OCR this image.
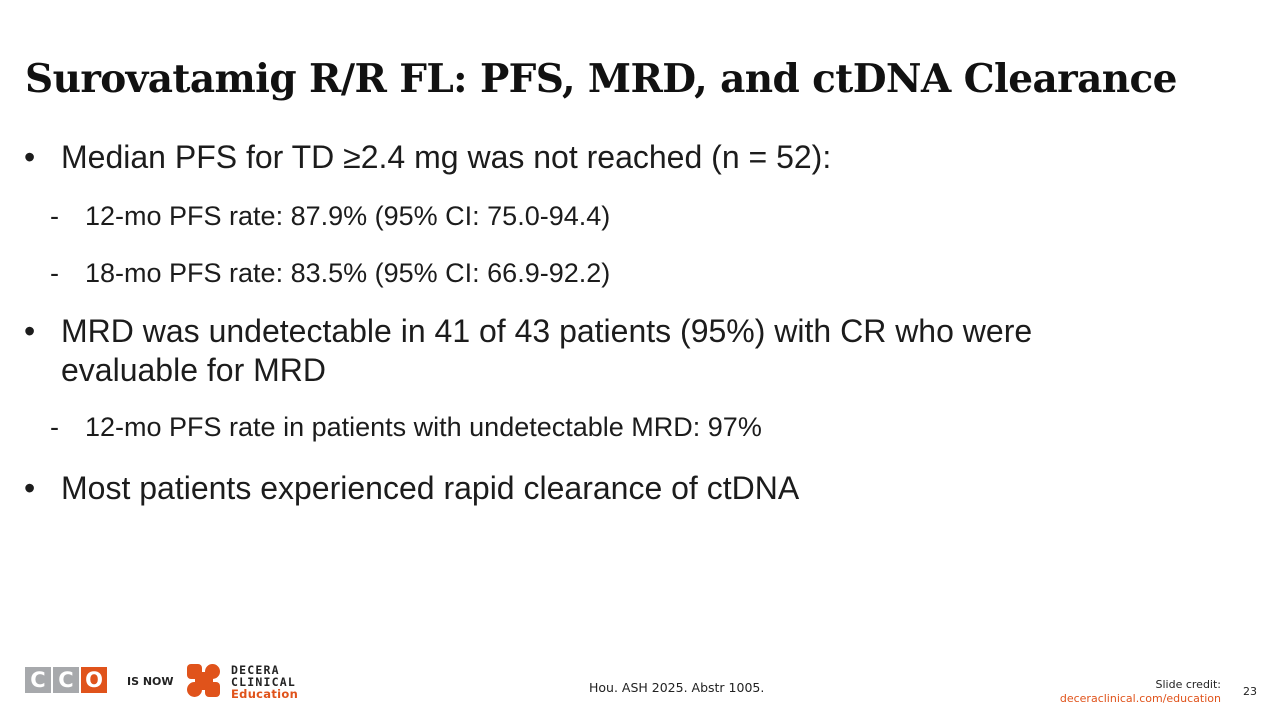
Surovatamig R/R FL: PFS, MRD, and ctDNA Clearance
• Median PFS for TD ≥2.4 mg was not reached (n = 52):
- 12-mo PFS rate: 87.9% (95% CI: 75.0-94.4)
- 18-mo PFS rate: 83.5% (95% CI: 66.9-92.2)
• MRD was undetectable in 41 of 43 patients (95%) with CR who were evaluable for MRD
- 12-mo PFS rate in patients with undetectable MRD: 97%
• Most patients experienced rapid clearance of ctDNA
C C O	IS NOW
DECERA
CLINICAL
Education	Hou. ASH 2025. Abstr 1005.	Slide credit:
deceraclinical.com/education
23
